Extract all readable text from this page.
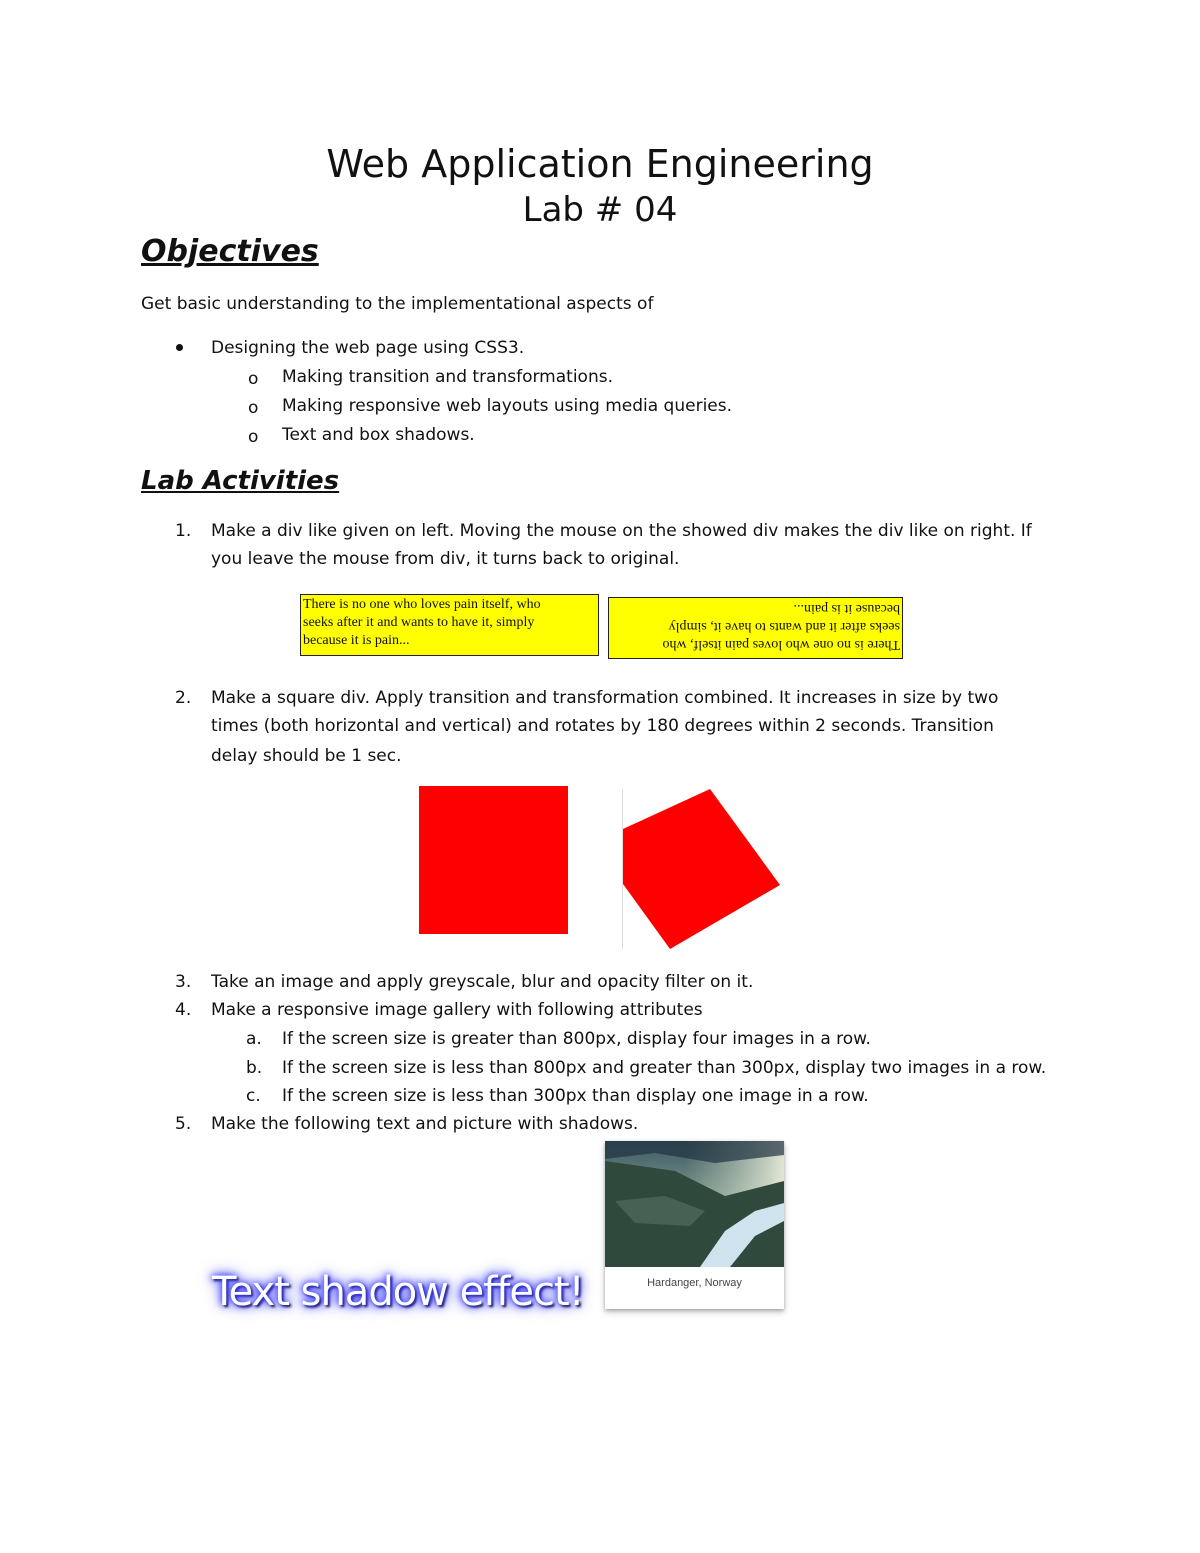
Web Application Engineering
Lab # 04
Objectives
Get basic understanding to the implementational aspects of
Designing the web page using CSS3.
o Making transition and transformations.
o Making responsive web layouts using media queries.
o Text and box shadows.
Lab Activities
1. Make a div like given on left. Moving the mouse on the showed div makes the div like on right. If
you leave the mouse from div, it turns back to original.
There is no one who loves pain itself, who
seeks after it and wants to have it, simply
because it is pain...	There is no one who loves pain itself, who
seeks after it and wants to have it, simply
because it is pain...
2. Make a square div. Apply transition and transformation combined. It increases in size by two
times (both horizontal and vertical) and rotates by 180 degrees within 2 seconds. Transition
delay should be 1 sec.
3. Take an image and apply greyscale, blur and opacity filter on it.
4. Make a responsive image gallery with following attributes
a. If the screen size is greater than 800px, display four images in a row.
b. If the screen size is less than 800px and greater than 300px, display two images in a row.
c. If the screen size is less than 300px than display one image in a row.
5. Make the following text and picture with shadows.
Text shadow effect!	Hardanger, Norway
